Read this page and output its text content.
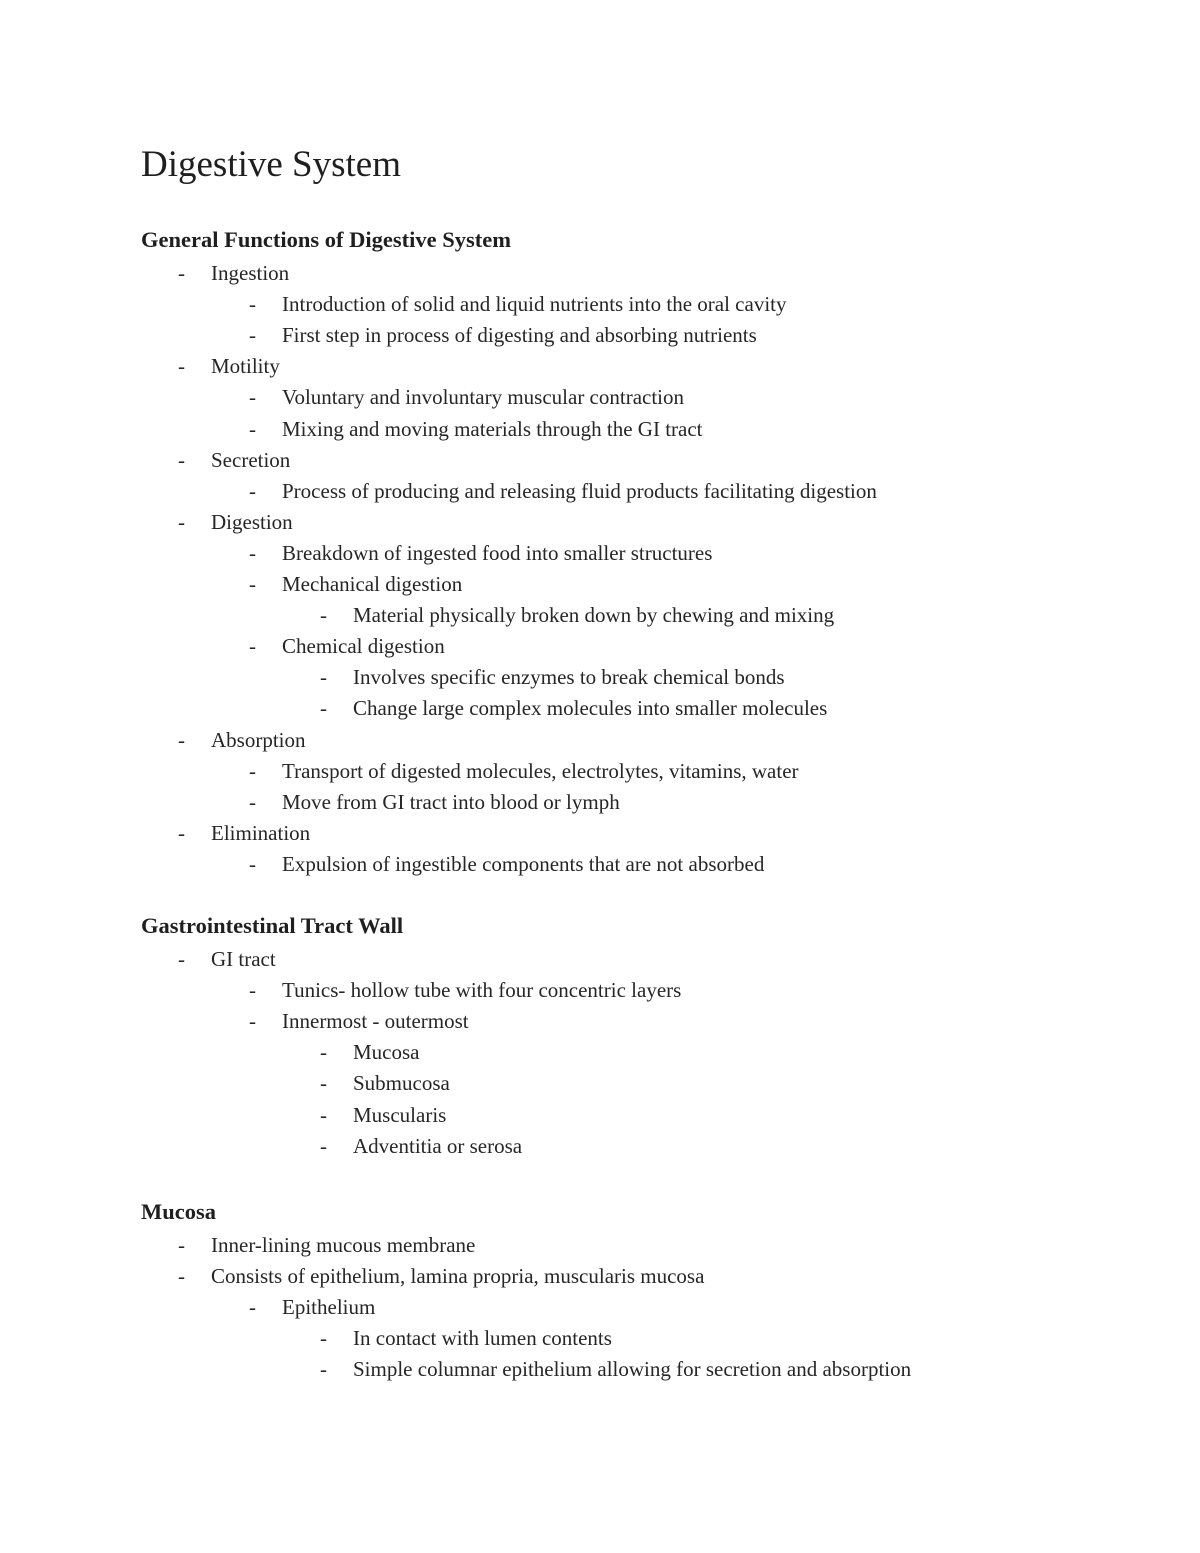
Digestive System
General Functions of Digestive System
- Ingestion
- Introduction of solid and liquid nutrients into the oral cavity
- First step in process of digesting and absorbing nutrients
- Motility
- Voluntary and involuntary muscular contraction
- Mixing and moving materials through the GI tract
- Secretion
- Process of producing and releasing fluid products facilitating digestion
- Digestion
- Breakdown of ingested food into smaller structures
- Mechanical digestion
- Material physically broken down by chewing and mixing
- Chemical digestion
- Involves specific enzymes to break chemical bonds
- Change large complex molecules into smaller molecules
- Absorption
- Transport of digested molecules, electrolytes, vitamins, water
- Move from GI tract into blood or lymph
- Elimination
- Expulsion of ingestible components that are not absorbed
Gastrointestinal Tract Wall
- GI tract
- Tunics- hollow tube with four concentric layers
- Innermost - outermost
- Mucosa
- Submucosa
- Muscularis
- Adventitia or serosa
Mucosa
- Inner-lining mucous membrane
- Consists of epithelium, lamina propria, muscularis mucosa
- Epithelium
- In contact with lumen contents
- Simple columnar epithelium allowing for secretion and absorption
